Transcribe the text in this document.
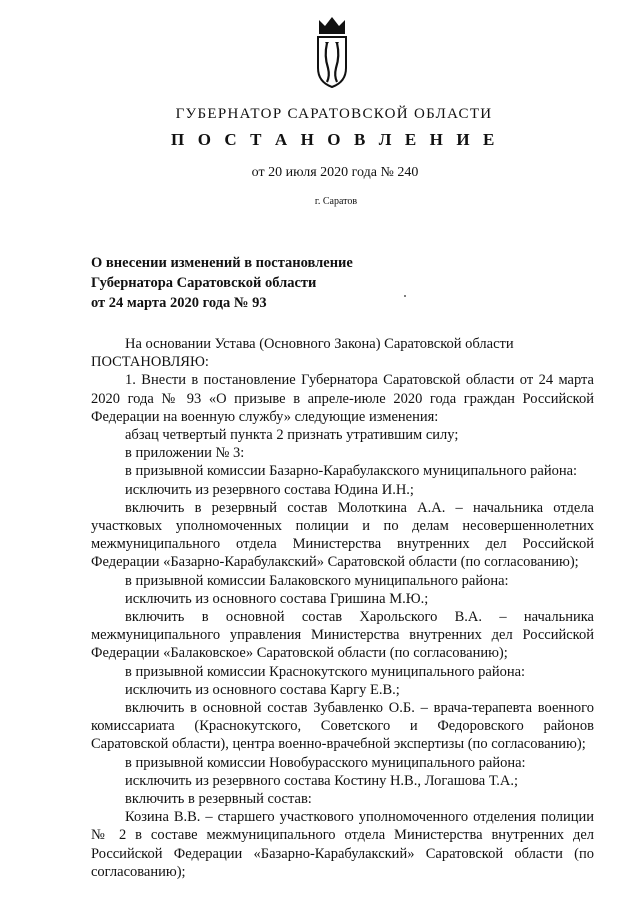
ГУБЕРНАТОР САРАТОВСКОЙ ОБЛАСТИ
П О С Т А Н О В Л Е Н И Е
от 20 июля 2020 года № 240
г. Саратов
О внесении изменений в постановление
Губернатора Саратовской области
от 24 марта 2020 года № 93

На основании Устава (Основного Закона) Саратовской области

ПОСТАНОВЛЯЮ:

1. Внести в постановление Губернатора Саратовской области от 24 марта 2020 года № 93 «О призыве в апреле-июле 2020 года граждан Российской Федерации на военную службу» следующие изменения:

абзац четвертый пункта 2 признать утратившим силу;

в приложении № 3:

в призывной комиссии Базарно-Карабулакского муниципального района:

исключить из резервного состава Юдина И.Н.;

включить в резервный состав Молоткина А.А. – начальника отдела участковых уполномоченных полиции и по делам несовершеннолетних межмуниципального отдела Министерства внутренних дел Российской Федерации «Базарно-Карабулакский» Саратовской области (по согласованию);

в призывной комиссии Балаковского муниципального района:

исключить из основного состава Гришина М.Ю.;

включить в основной состав Харольского В.А. – начальника межмуниципального управления Министерства внутренних дел Российской Федерации «Балаковское» Саратовской области (по согласованию);

в призывной комиссии Краснокутского муниципального района:

исключить из основного состава Каргу Е.В.;

включить в основной состав Зубавленко О.Б. – врача-терапевта военного комиссариата (Краснокутского, Советского и Федоровского районов Саратовской области), центра военно-врачебной экспертизы (по согласованию);

в призывной комиссии Новобурасского муниципального района:

исключить из резервного состава Костину Н.В., Логашова Т.А.;

включить в резервный состав:

Козина В.В. – старшего участкового уполномоченного отделения полиции № 2 в составе межмуниципального отдела Министерства внутренних дел Российской Федерации «Базарно-Карабулакский» Саратовской области (по согласованию);
